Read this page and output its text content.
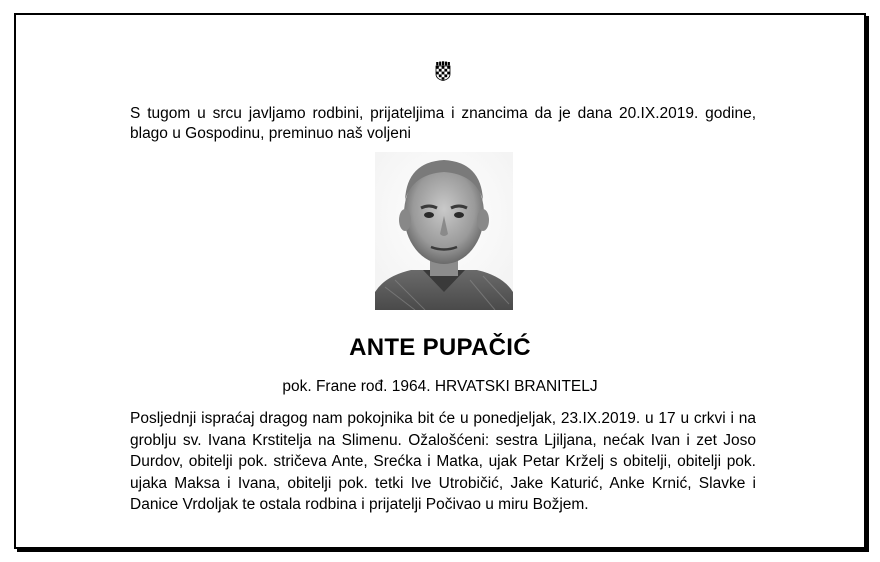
S tugom u srcu javljamo rodbini, prijateljima i znancima da je dana 20.IX.2019. godine, blago u Gospodinu, preminuo naš voljeni
ANTE PUPAČIĆ
pok. Frane rođ. 1964. HRVATSKI BRANITELJ
Posljednji ispraćaj dragog nam pokojnika bit će u ponedjeljak, 23.IX.2019. u 17 u crkvi i na groblju sv. Ivana Krstitelja na Slimenu. Ožalošćeni: sestra Ljiljana, nećak Ivan i zet Joso Durdov, obitelji pok. stričeva Ante, Srećka i Matka, ujak Petar Krželj s obitelji, obitelji pok. ujaka Maksa i Ivana, obitelji pok. tetki Ive Utrobičić, Jake Katurić, Anke Krnić, Slavke i Danice Vrdoljak te ostala rodbina i prijatelji Počivao u miru Božjem.
